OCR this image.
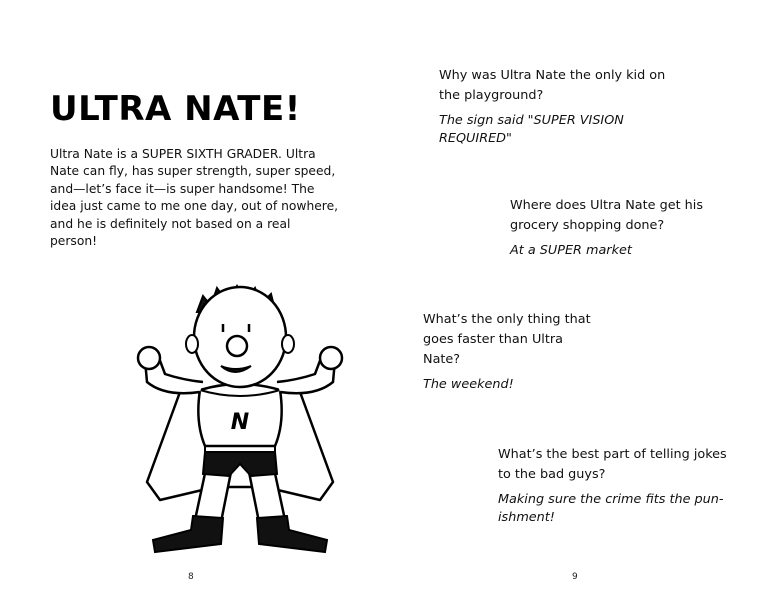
ULTRA NATE!

Ultra Nate is a SUPER SIXTH GRADER. Ultra Nate can fly, has super strength, super speed, and—let’s face it—is super handsome! The idea just came to me one day, out of nowhere, and he is definitely not based on a real person!

N
8

Why was Ultra Nate the only kid on the playground?

The sign said "SUPER VISION REQUIRED"

Where does Ultra Nate get his grocery shopping done?

At a SUPER market

What’s the only thing that goes faster than Ultra Nate?

The weekend!

What’s the best part of telling jokes to the bad guys?

Making sure the crime fits the pun-ishment!

9
